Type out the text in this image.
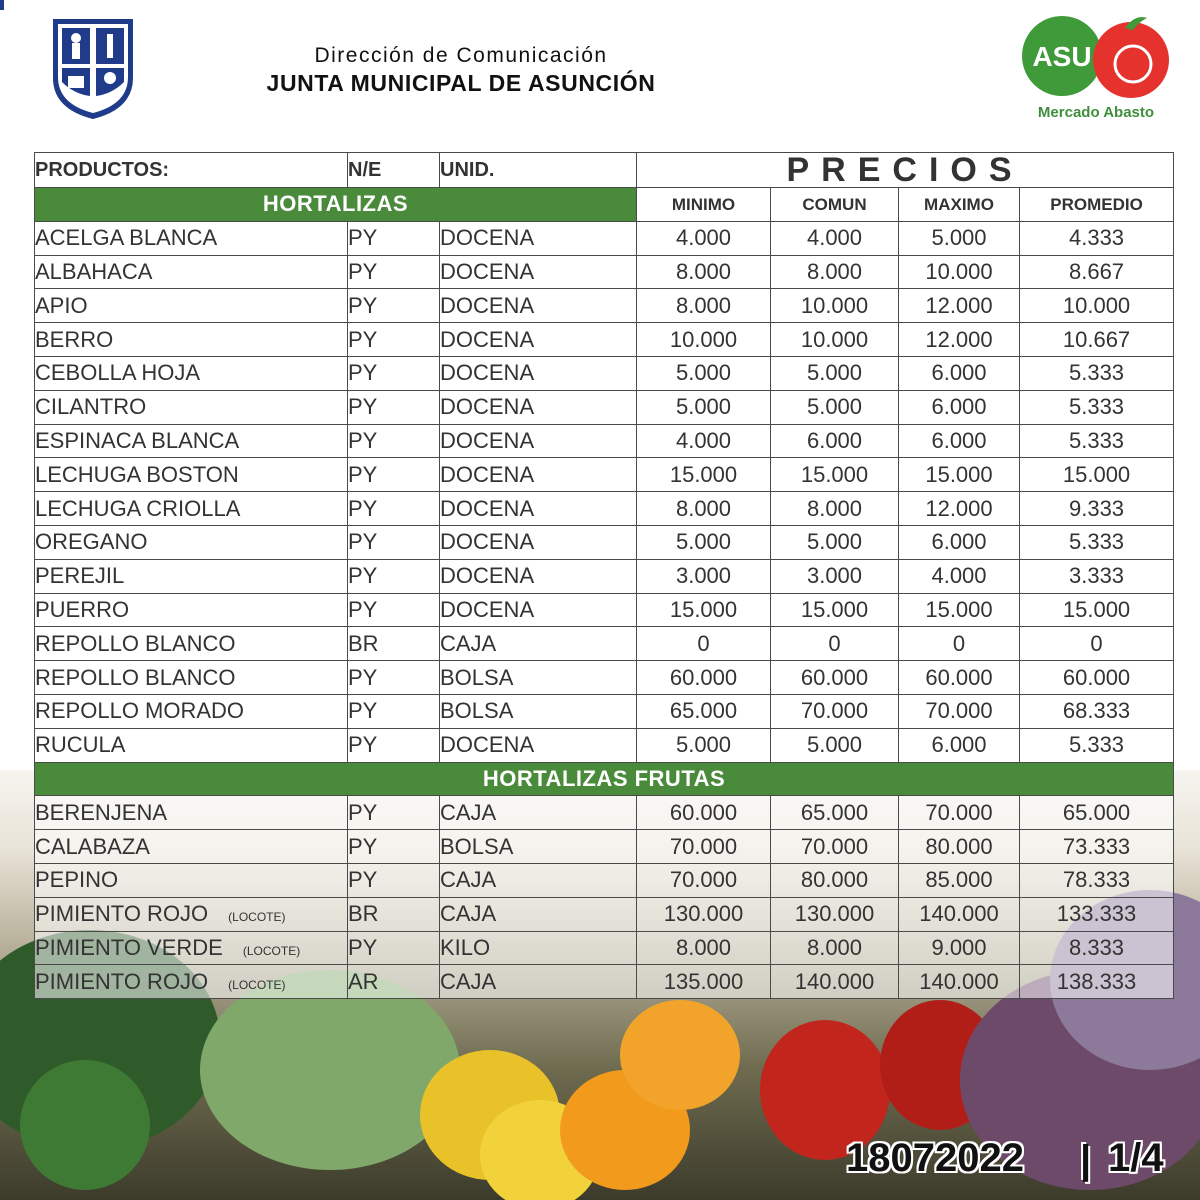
Dirección de Comunicación
JUNTA MUNICIPAL DE ASUNCIÓN
ASU
Mercado Abasto
PRODUCTOS:	N/E	UNID.	PRECIOS			
HORTALIZAS			MINIMO	COMUN	MAXIMO	PROMEDIO
ACELGA BLANCA	PY	DOCENA	4.000	4.000	5.000	4.333
ALBAHACA	PY	DOCENA	8.000	8.000	10.000	8.667
APIO	PY	DOCENA	8.000	10.000	12.000	10.000
BERRO	PY	DOCENA	10.000	10.000	12.000	10.667
CEBOLLA HOJA	PY	DOCENA	5.000	5.000	6.000	5.333
CILANTRO	PY	DOCENA	5.000	5.000	6.000	5.333
ESPINACA BLANCA	PY	DOCENA	4.000	6.000	6.000	5.333
LECHUGA BOSTON	PY	DOCENA	15.000	15.000	15.000	15.000
LECHUGA CRIOLLA	PY	DOCENA	8.000	8.000	12.000	9.333
OREGANO	PY	DOCENA	5.000	5.000	6.000	5.333
PEREJIL	PY	DOCENA	3.000	3.000	4.000	3.333
PUERRO	PY	DOCENA	15.000	15.000	15.000	15.000
REPOLLO BLANCO	BR	CAJA	0	0	0	0
REPOLLO BLANCO	PY	BOLSA	60.000	60.000	60.000	60.000
REPOLLO MORADO	PY	BOLSA	65.000	70.000	70.000	68.333
RUCULA	PY	DOCENA	5.000	5.000	6.000	5.333
HORTALIZAS FRUTAS						
BERENJENA	PY	CAJA	60.000	65.000	70.000	65.000
CALABAZA	PY	BOLSA	70.000	70.000	80.000	73.333
PEPINO	PY	CAJA	70.000	80.000	85.000	78.333
PIMIENTO ROJO (LOCOTE)	BR	CAJA	130.000	130.000	140.000	133.333
PIMIENTO VERDE (LOCOTE)	PY	KILO	8.000	8.000	9.000	8.333
PIMIENTO ROJO (LOCOTE)	AR	CAJA	135.000	140.000	140.000	138.333
18072022 | 1/4
